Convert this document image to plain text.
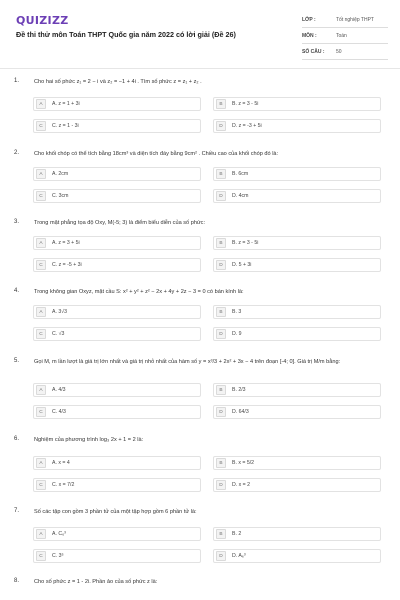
QUIZIZZ
Đề thi thử môn Toán THPT Quốc gia năm 2022 có lời giải (Đề 26)
LỚP :	Tốt nghiệp THPT
MÔN :	Toán
SỐ CÂU :	50
1.	Cho hai số phức z₁ = 2 − i và z₂ = −1 + 4i . Tìm số phức z = z₁ + z₂ .
A	A. z = 1 + 3i	B	B. z = 3 - 5i
C	C. z = 1 - 3i	D	D. z = -3 + 5i
2.	Cho khối chóp có thể tích bằng 18cm³ và diện tích đáy bằng 9cm² . Chiều cao của khối chóp đó là:
A	A. 2cm	B	B. 6cm
C	C. 3cm	D	D. 4cm
3.	Trong mặt phẳng tọa độ Oxy, M(-5; 3) là điểm biểu diễn của số phức:
A	A. z = 3 + 5i	B	B. z = 3 - 5i
C	C. z = -5 + 3i	D	D. 5 + 3i
4.	Trong không gian Oxyz, mặt cầu S: x² + y² + z² − 2x + 4y + 2z − 3 = 0 có bán kính là:
A	A. 3√3	B	B. 3
C	C. √3	D	D. 9
5.	Gọi M, m lần lượt là giá trị lớn nhất và giá trị nhỏ nhất của hàm số y = x³/3 + 2x² + 3x − 4 trên đoạn [-4; 0]. Giá trị M/m bằng:
A	A. 4/3	B	B. 2/3
C	C. 4/3	D	D. 64/3
6.	Nghiệm của phương trình log₃ 2x + 1 = 2 là:
A	A. x = 4	B	B. x = 5/2
C	C. x = 7/2	D	D. x = 2
7.	Số các tập con gồm 3 phần tử của một tập hợp gồm 6 phần tử là:
A	A. C₆³	B	B. 2
C	C. 3⁶	D	D. A₆³
8.	Cho số phức z = 1 - 2i. Phần ảo của số phức z là:
